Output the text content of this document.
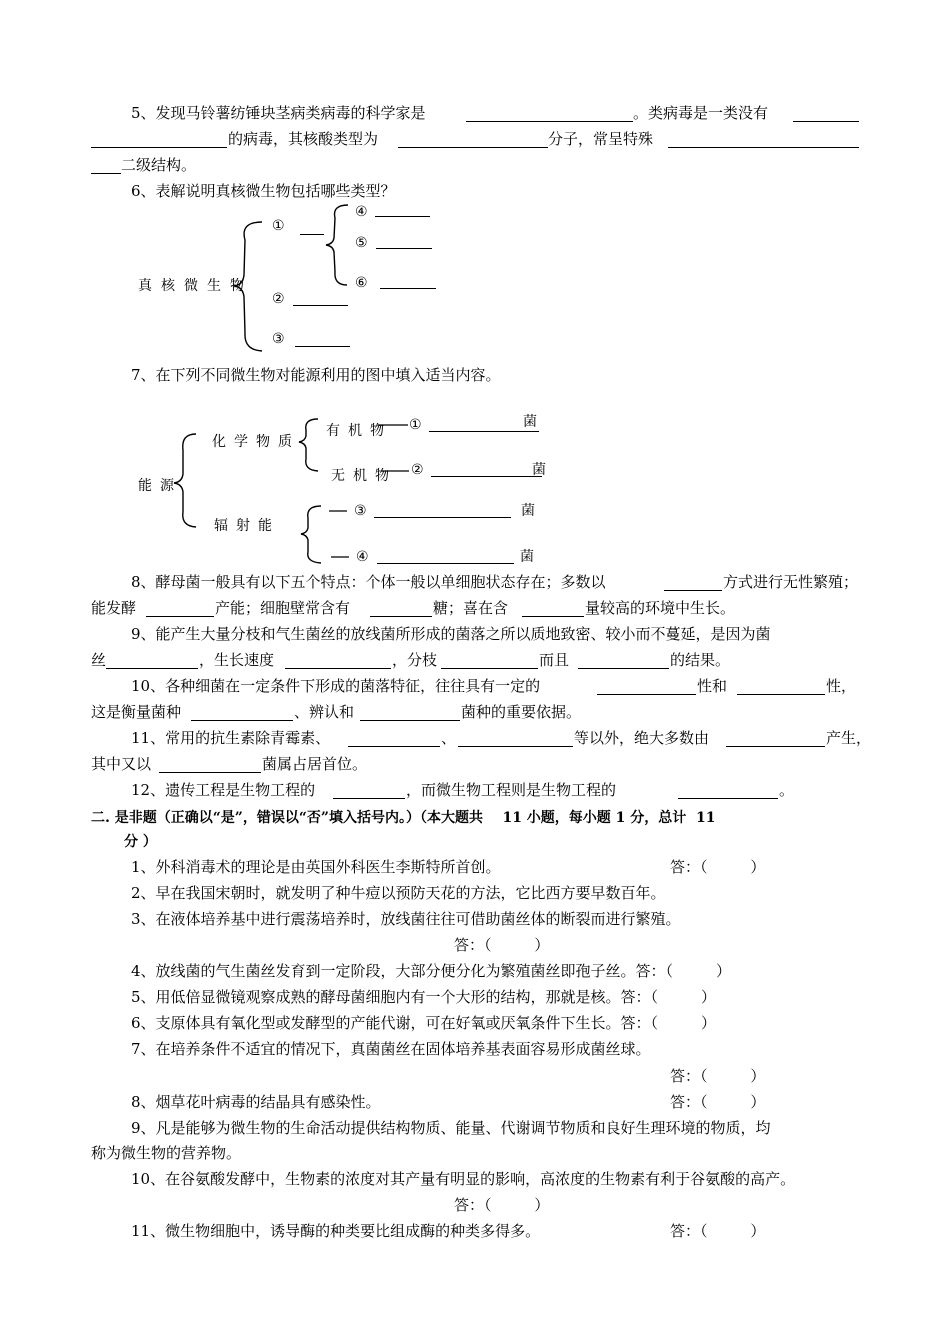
5、发现马铃薯纺锤块茎病类病毒的科学家是	。类病毒是一类没有
的病毒，其核酸类型为	分子，常呈特殊
二级结构。
6、表解说明真核微生物包括哪些类型？
真核微生物
①
④
⑤
⑥
②
③
7、在下列不同微生物对能源利用的图中填入适当内容。
能源
化学物质
辐射能
有机物 ①	菌
无机物 ②	菌
③	菌
④	菌
8、酵母菌一般具有以下五个特点：个体一般以单细胞状态存在；多数以	方式进行无性繁殖；
能发酵	产能；细胞壁常含有	糖；喜在含	量较高的环境中生长。
9、能产生大量分枝和气生菌丝的放线菌所形成的菌落之所以质地致密、较小而不蔓延，是因为菌
丝	，生长速度	，分枝	而且	的结果。
10、各种细菌在一定条件下形成的菌落特征，往往具有一定的	性和	性，
这是衡量菌种	、辨认和	菌种的重要依据。
11、常用的抗生素除青霉素、	、	等以外，绝大多数由	产生，
其中又以	菌属占居首位。
12、遗传工程是生物工程的	，而微生物工程则是生物工程的	。
二. 是非题（正确以“是”，错误以“否”填入括号内。）（本大题共    11 小题，每小题 1 分，总计  11
分 ）
1、外科消毒术的理论是由英国外科医生李斯特所首创。	答：（         ）
2、早在我国宋朝时，就发明了种牛痘以预防天花的方法，它比西方要早数百年。
3、在液体培养基中进行震荡培养时，放线菌往往可借助菌丝体的断裂而进行繁殖。
答：（         ）
4、放线菌的气生菌丝发育到一定阶段，大部分便分化为繁殖菌丝即孢子丝。答：（         ）
5、用低倍显微镜观察成熟的酵母菌细胞内有一个大形的结构，那就是核。答：（         ）
6、支原体具有氧化型或发酵型的产能代谢，可在好氧或厌氧条件下生长。答：（         ）
7、在培养条件不适宜的情况下，真菌菌丝在固体培养基表面容易形成菌丝球。
答：（         ）
8、烟草花叶病毒的结晶具有感染性。	答：（         ）
9、凡是能够为微生物的生命活动提供结构物质、能量、代谢调节物质和良好生理环境的物质，均
称为微生物的营养物。
10、在谷氨酸发酵中，生物素的浓度对其产量有明显的影响，高浓度的生物素有利于谷氨酸的高产。
答：（         ）
11、微生物细胞中，诱导酶的种类要比组成酶的种类多得多。	答：（         ）
